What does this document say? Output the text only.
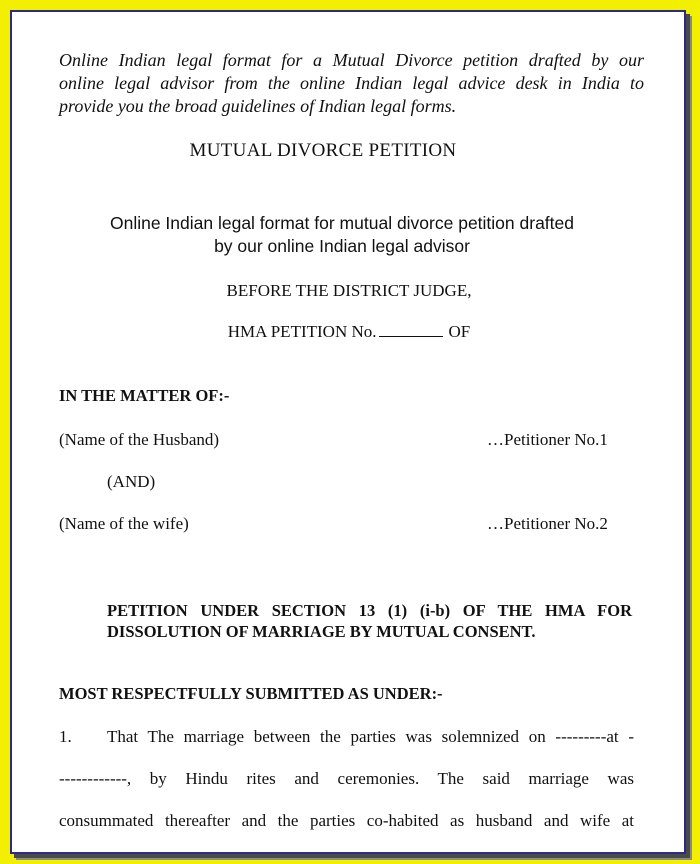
Online Indian legal format for a Mutual Divorce petition drafted by our
online legal advisor from the online Indian legal advice desk in India to
provide you the broad guidelines of Indian legal forms.
MUTUAL DIVORCE PETITION
Online Indian legal format for mutual divorce petition drafted
by our online Indian legal advisor
BEFORE THE DISTRICT JUDGE,
HMA PETITION No.	OF
IN THE MATTER OF:-
(Name of the Husband)	…Petitioner No.1
(AND)
(Name of the wife)	…Petitioner No.2
PETITION UNDER SECTION 13 (1) (i-b) OF THE HMA FOR
DISSOLUTION OF MARRIAGE BY MUTUAL CONSENT.
MOST RESPECTFULLY SUBMITTED AS UNDER:-
1. That The marriage between the parties was solemnized on ---------at -
------------, by Hindu rites and ceremonies. The said marriage was
consummated thereafter and the parties co-habited as husband and wife at
